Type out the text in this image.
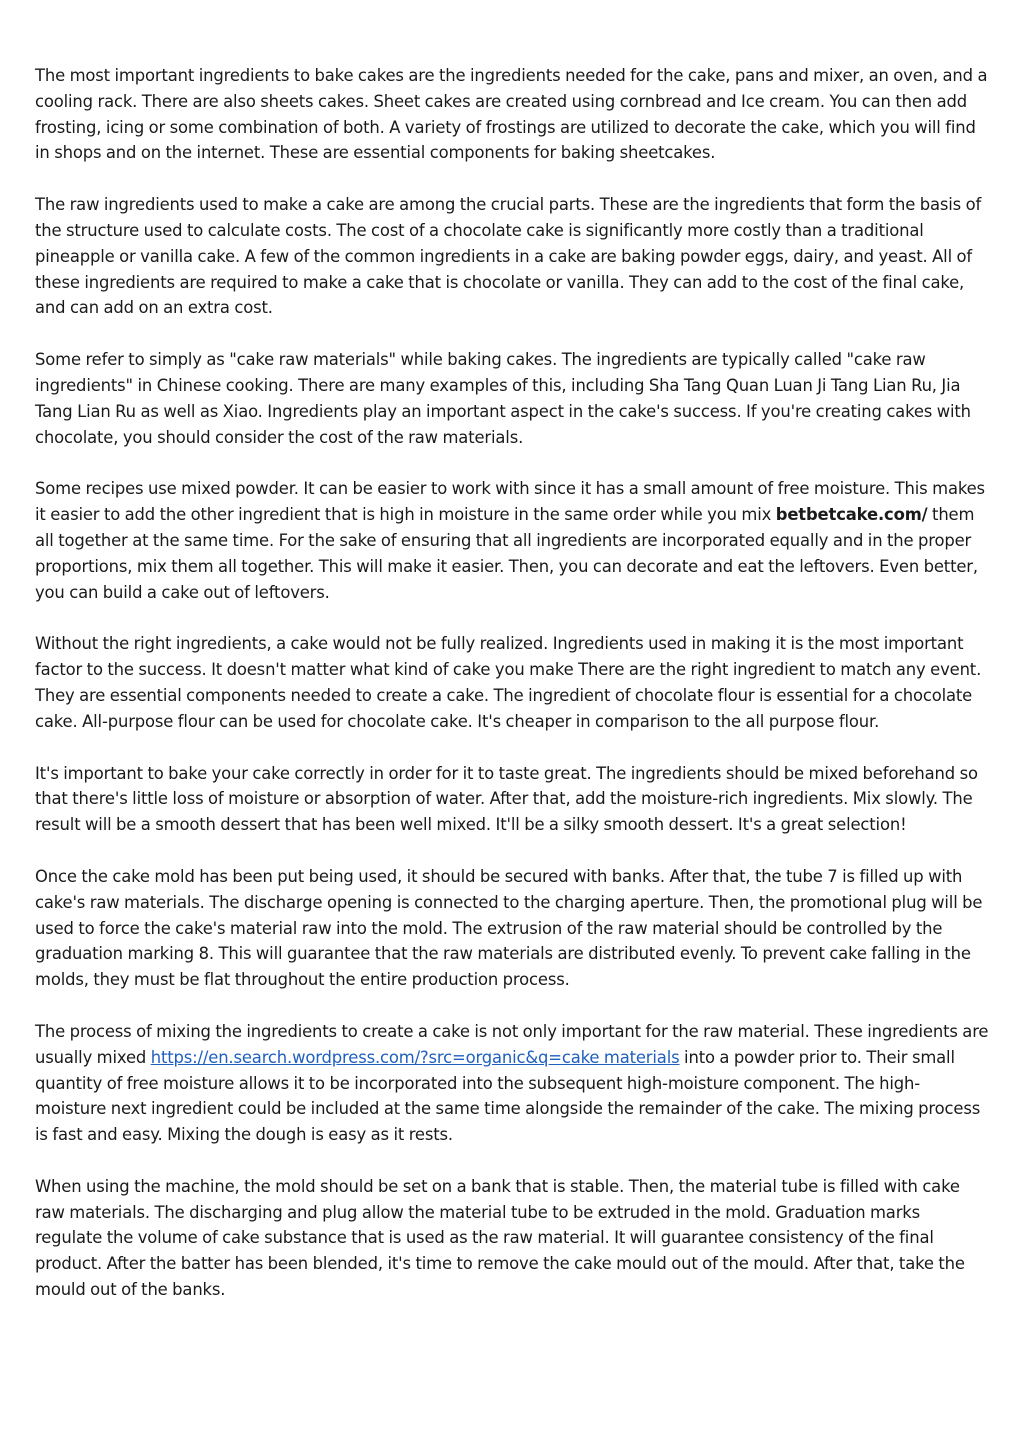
The most important ingredients to bake cakes are the ingredients needed for the cake, pans and mixer, an oven, and a cooling rack. There are also sheets cakes. Sheet cakes are created using cornbread and Ice cream. You can then add frosting, icing or some combination of both. A variety of frostings are utilized to decorate the cake, which you will find in shops and on the internet. These are essential components for baking sheetcakes.

The raw ingredients used to make a cake are among the crucial parts. These are the ingredients that form the basis of the structure used to calculate costs. The cost of a chocolate cake is significantly more costly than a traditional pineapple or vanilla cake. A few of the common ingredients in a cake are baking powder eggs, dairy, and yeast. All of these ingredients are required to make a cake that is chocolate or vanilla. They can add to the cost of the final cake, and can add on an extra cost.

Some refer to simply as "cake raw materials" while baking cakes. The ingredients are typically called "cake raw ingredients" in Chinese cooking. There are many examples of this, including Sha Tang Quan Luan Ji Tang Lian Ru, Jia Tang Lian Ru as well as Xiao. Ingredients play an important aspect in the cake's success. If you're creating cakes with chocolate, you should consider the cost of the raw materials.

Some recipes use mixed powder. It can be easier to work with since it has a small amount of free moisture. This makes it easier to add the other ingredient that is high in moisture in the same order while you mix betbetcake.com/ them all together at the same time. For the sake of ensuring that all ingredients are incorporated equally and in the proper proportions, mix them all together. This will make it easier. Then, you can decorate and eat the leftovers. Even better, you can build a cake out of leftovers.

Without the right ingredients, a cake would not be fully realized. Ingredients used in making it is the most important factor to the success. It doesn't matter what kind of cake you make There are the right ingredient to match any event. They are essential components needed to create a cake. The ingredient of chocolate flour is essential for a chocolate cake. All-purpose flour can be used for chocolate cake. It's cheaper in comparison to the all purpose flour.

It's important to bake your cake correctly in order for it to taste great. The ingredients should be mixed beforehand so that there's little loss of moisture or absorption of water. After that, add the moisture-rich ingredients. Mix slowly. The result will be a smooth dessert that has been well mixed. It'll be a silky smooth dessert. It's a great selection!

Once the cake mold has been put being used, it should be secured with banks. After that, the tube 7 is filled up with cake's raw materials. The discharge opening is connected to the charging aperture. Then, the promotional plug will be used to force the cake's material raw into the mold. The extrusion of the raw material should be controlled by the graduation marking 8. This will guarantee that the raw materials are distributed evenly. To prevent cake falling in the molds, they must be flat throughout the entire production process.

The process of mixing the ingredients to create a cake is not only important for the raw material. These ingredients are usually mixed https://en.search.wordpress.com/?src=organic&q=cake materials into a powder prior to. Their small quantity of free moisture allows it to be incorporated into the subsequent high-moisture component. The high-moisture next ingredient could be included at the same time alongside the remainder of the cake. The mixing process is fast and easy. Mixing the dough is easy as it rests.

When using the machine, the mold should be set on a bank that is stable. Then, the material tube is filled with cake raw materials. The discharging and plug allow the material tube to be extruded in the mold. Graduation marks regulate the volume of cake substance that is used as the raw material. It will guarantee consistency of the final product. After the batter has been blended, it's time to remove the cake mould out of the mould. After that, take the mould out of the banks.
